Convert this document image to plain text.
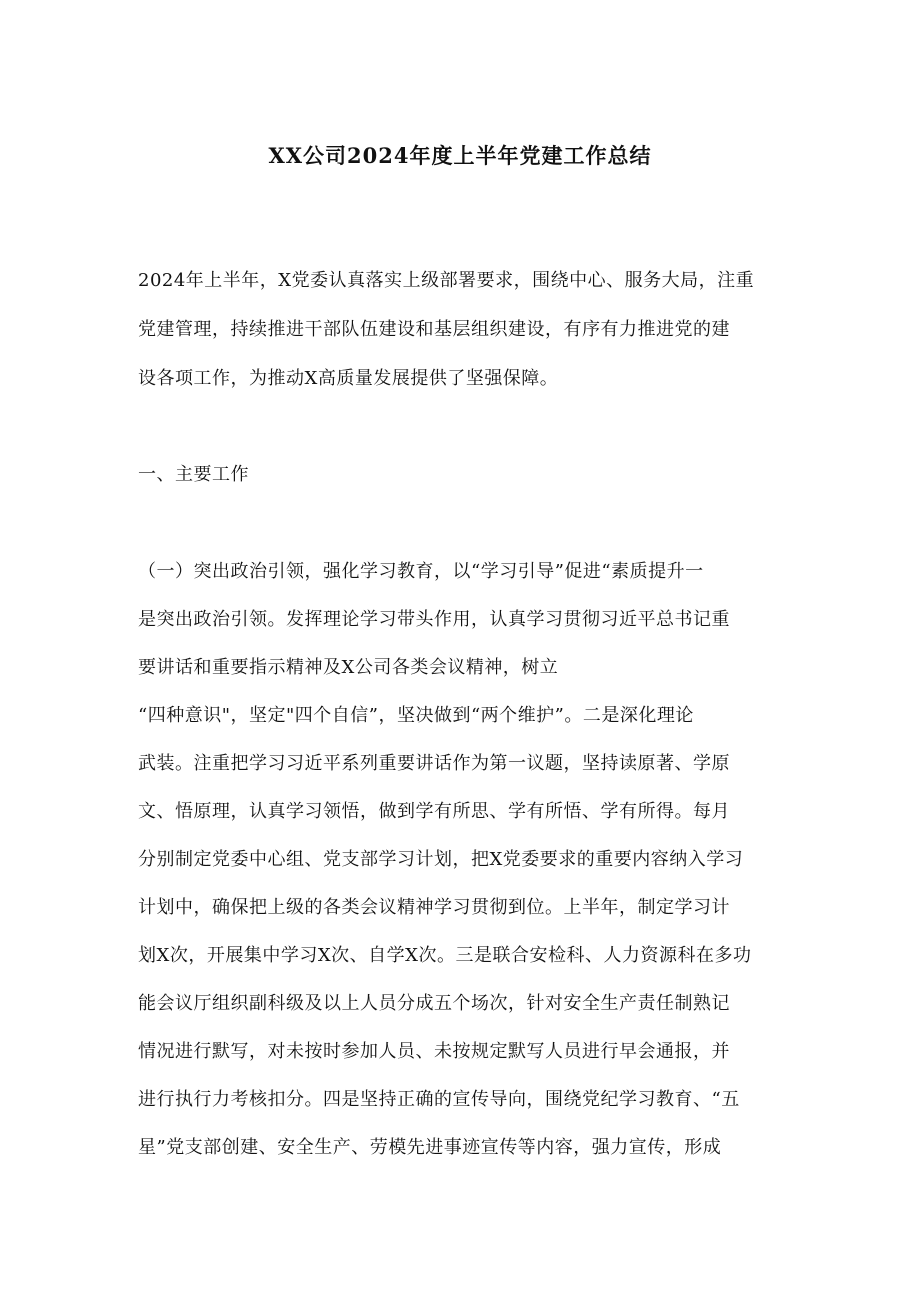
XX公司2024年度上半年党建工作总结
2024年上半年，X党委认真落实上级部署要求，围绕中心、服务大局，注重
党建管理，持续推进干部队伍建设和基层组织建设，有序有力推进党的建
设各项工作，为推动X高质量发展提供了坚强保障。
一、主要工作
（一）突出政治引领，强化学习教育，以“学习引导”促进“素质提升一
是突出政治引领。发挥理论学习带头作用，认真学习贯彻习近平总书记重
要讲话和重要指示精神及X公司各类会议精神，树立
“四种意识"，坚定"四个自信”，坚决做到“两个维护”。二是深化理论
武装。注重把学习习近平系列重要讲话作为第一议题，坚持读原著、学原
文、悟原理，认真学习领悟，做到学有所思、学有所悟、学有所得。每月
分别制定党委中心组、党支部学习计划，把X党委要求的重要内容纳入学习
计划中，确保把上级的各类会议精神学习贯彻到位。上半年，制定学习计
划X次，开展集中学习X次、自学X次。三是联合安检科、人力资源科在多功
能会议厅组织副科级及以上人员分成五个场次，针对安全生产责任制熟记
情况进行默写，对未按时参加人员、未按规定默写人员进行早会通报，并
进行执行力考核扣分。四是坚持正确的宣传导向，围绕党纪学习教育、“五
星”党支部创建、安全生产、劳模先进事迹宣传等内容，强力宣传，形成
